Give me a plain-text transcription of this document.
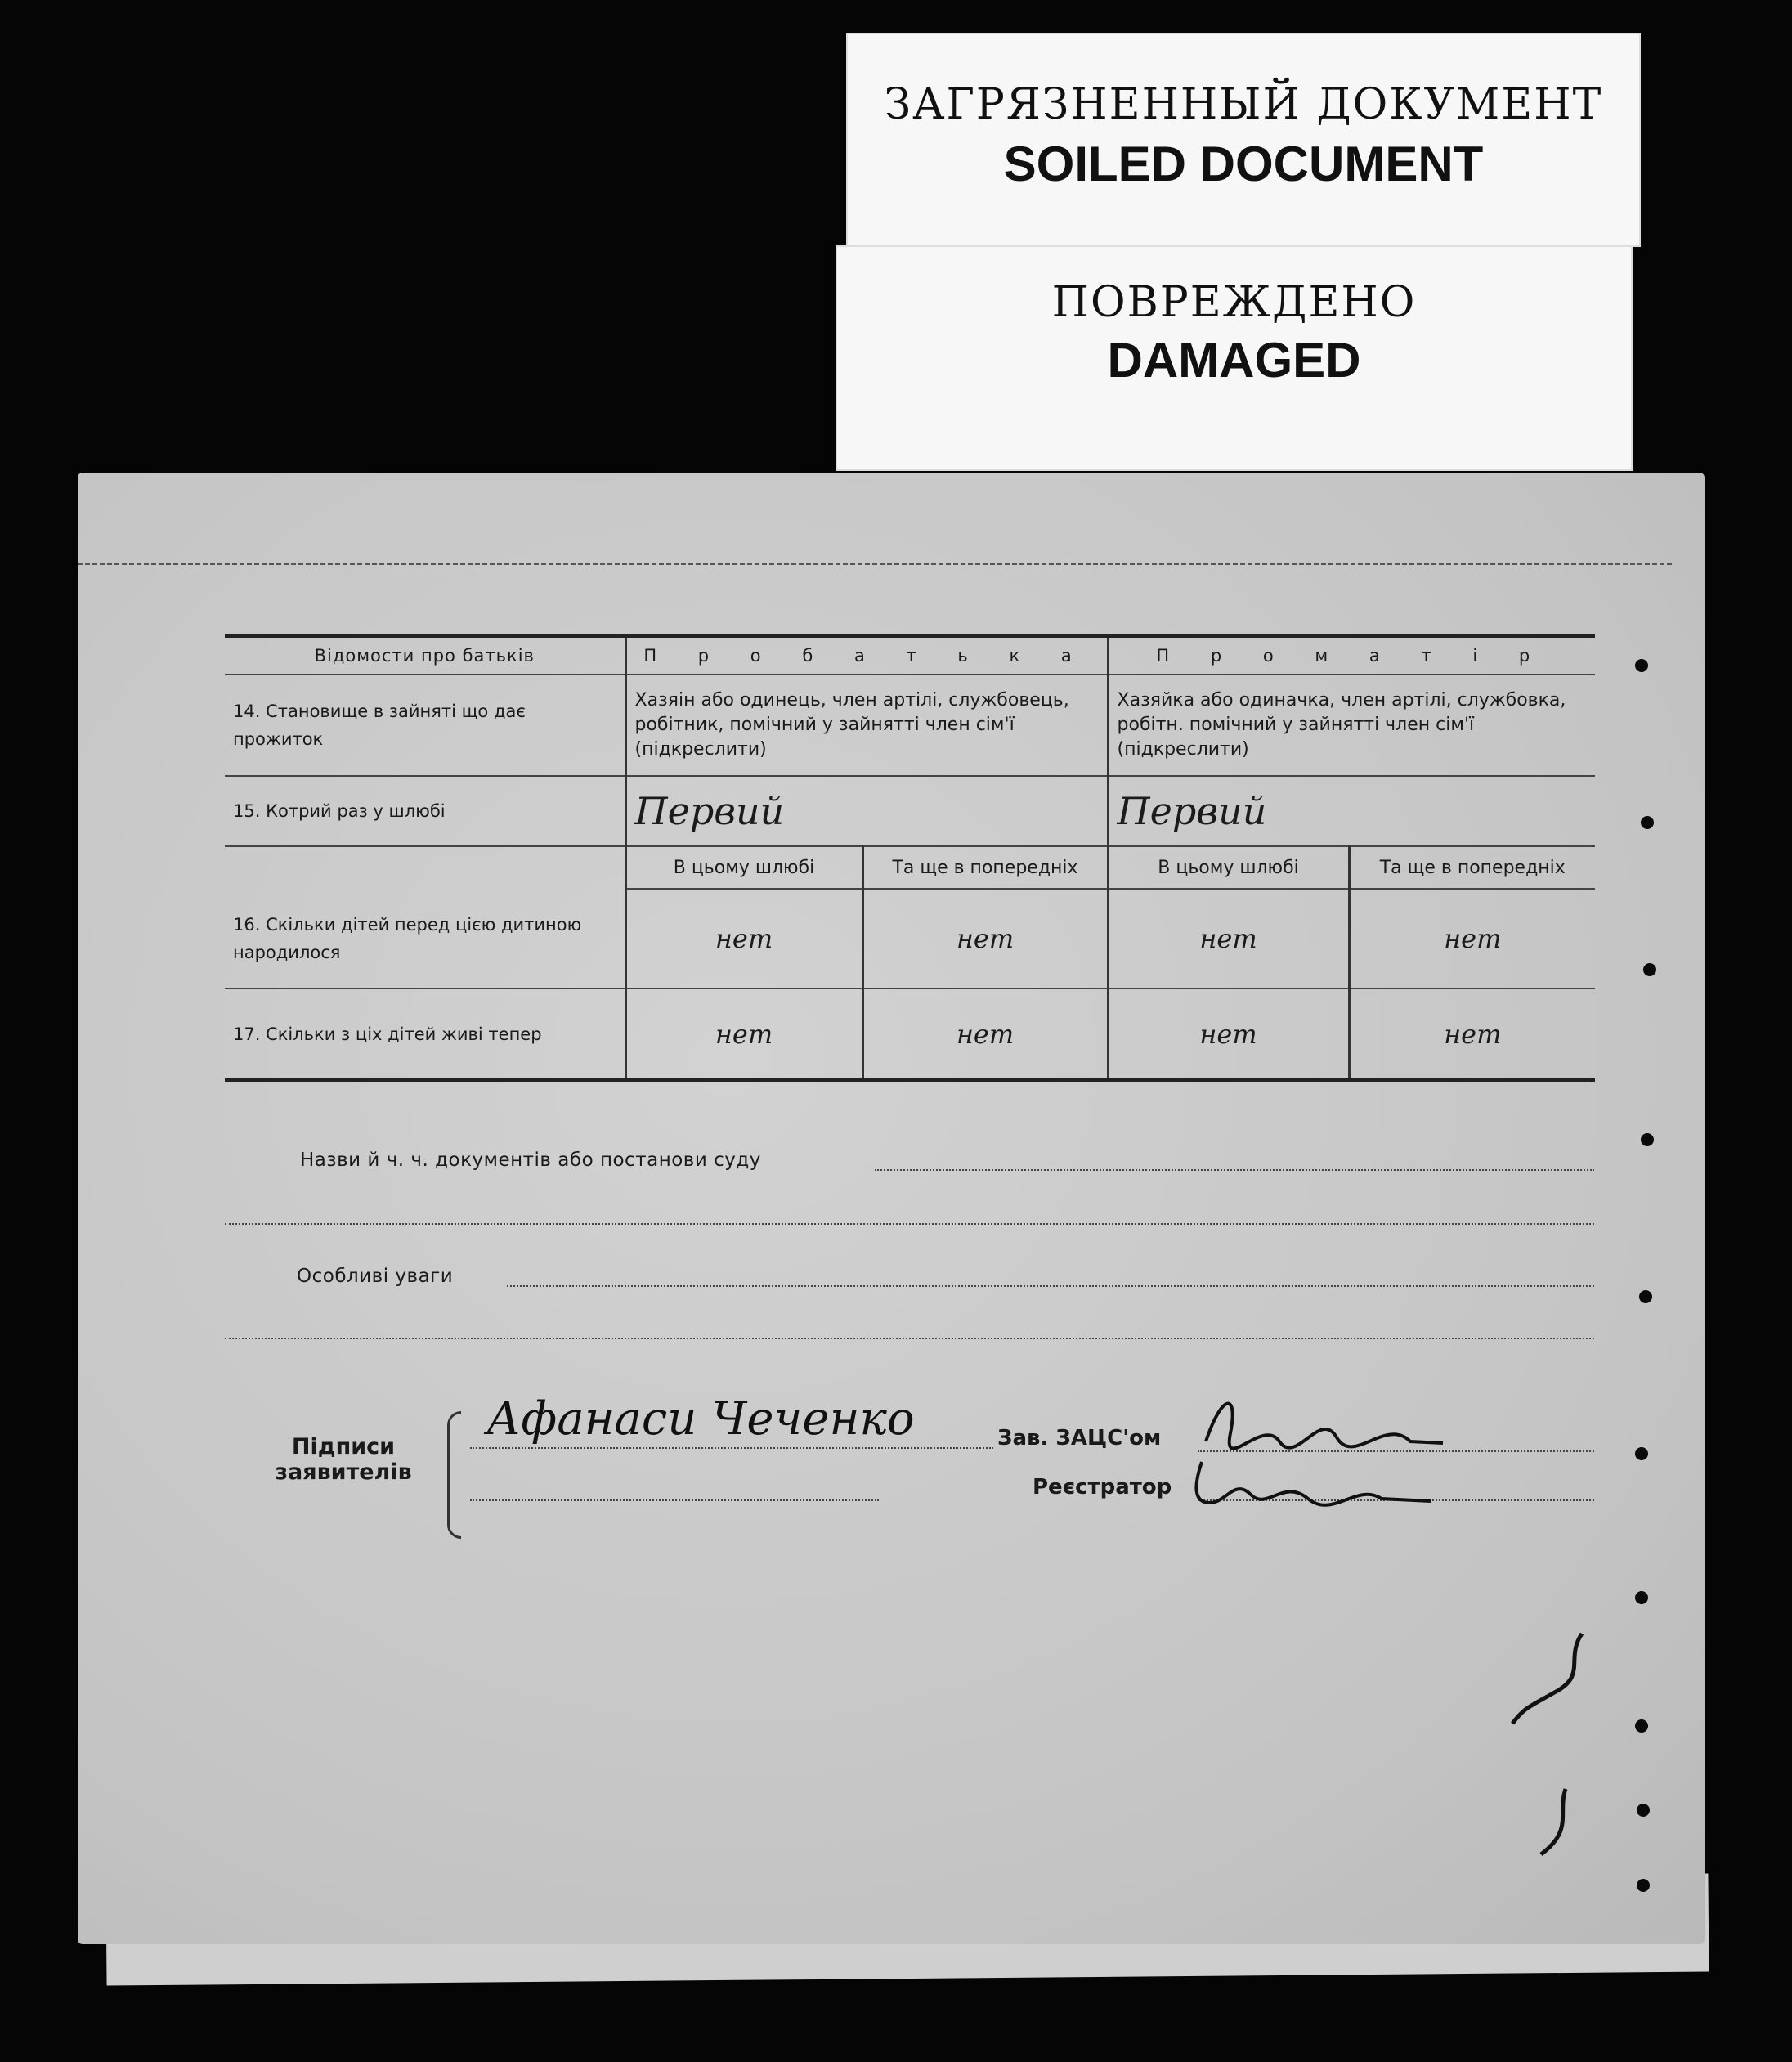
ЗАГРЯЗНЕННЫЙ ДОКУМЕНТ
SOILED DOCUMENT
ПОВРЕЖДЕНО
DAMAGED
Відомости про батьків	П р о б а т ь к а		П р о м а т і р	
14. Становище в зайняті що дає прожиток	Хазяін або одинець, член артілі, службовець, робітник, помічний у зайнятті член сім'ї (підкреслити)		Хазяйка або одиначка, член артілі, службовка, робітн. помічний у зайнятті член сім'ї (підкреслити)	
15. Котрий раз у шлюбі	Первий		Первий	
	В цьому шлюбі	Та ще в попередніх	В цьому шлюбі	Та ще в попередніх
16. Скільки дітей перед цією дитиною народилося	нет	нет	нет	нет
17. Скільки з ціх дітей живі тепер	нет	нет	нет	нет
Назви й ч. ч. документів або постанови суду
Особливі уваги
Підписи
заявителів
Афанаси Чеченко	Зав. ЗАЦС'ом
Реєстратор
